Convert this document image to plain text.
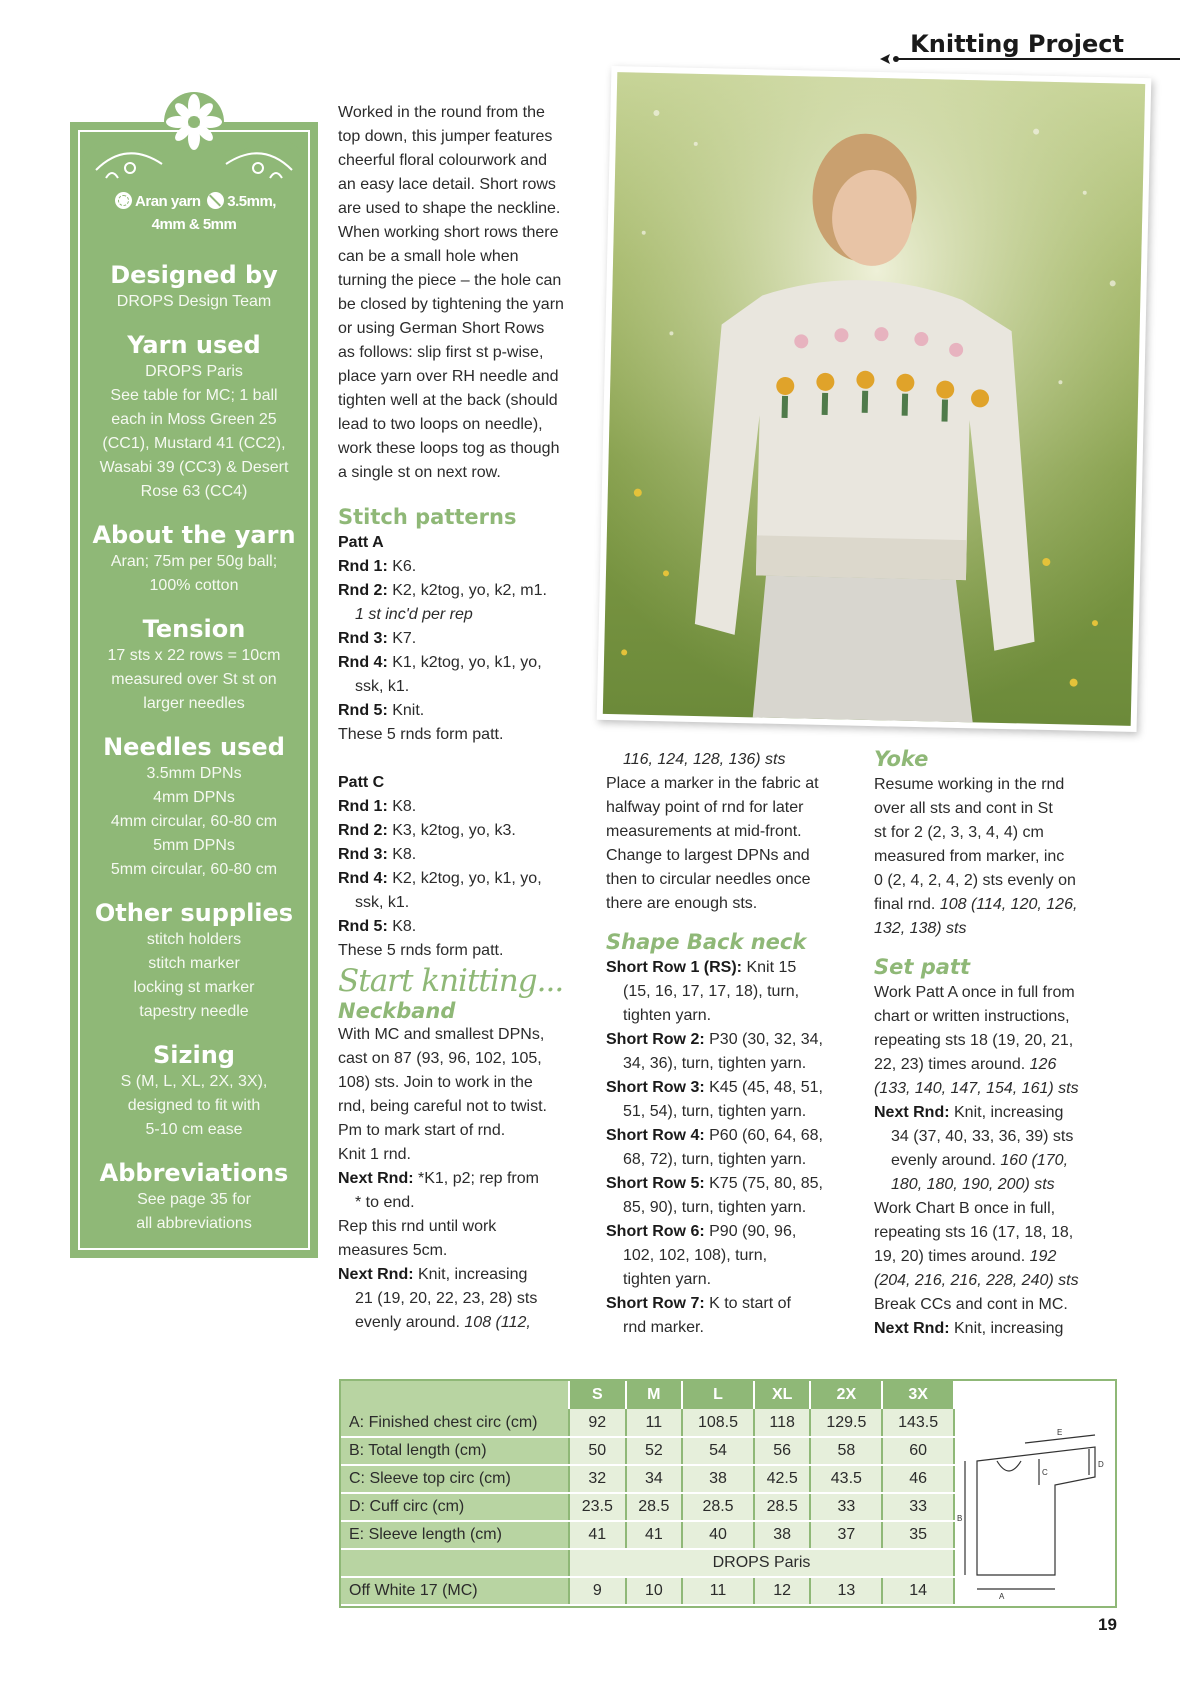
Knitting Project
Aran yarn 3.5mm,
4mm & 5mm
Designed by
DROPS Design Team
Yarn used
DROPS Paris
See table for MC; 1 ball
each in Moss Green 25
(CC1), Mustard 41 (CC2),
Wasabi 39 (CC3) & Desert
Rose 63 (CC4)
About the yarn
Aran; 75m per 50g ball;
100% cotton
Tension
17 sts x 22 rows = 10cm
measured over St st on
larger needles
Needles used
3.5mm DPNs
4mm DPNs
4mm circular, 60-80 cm
5mm DPNs
5mm circular, 60-80 cm
Other supplies
stitch holders
stitch marker
locking st marker
tapestry needle
Sizing
S (M, L, XL, 2X, 3X),
designed to fit with
5-10 cm ease
Abbreviations
See page 35 for
all abbreviations

Worked in the round from the

top down, this jumper features

cheerful floral colourwork and

an easy lace detail. Short rows

are used to shape the neckline.

When working short rows there

can be a small hole when

turning the piece – the hole can

be closed by tightening the yarn

or using German Short Rows

as follows: slip first st p-wise,

place yarn over RH needle and

tighten well at the back (should

lead to two loops on needle),

work these loops tog as though

a single st on next row.

Stitch patterns

Patt A

Rnd 1: K6.

Rnd 2: K2, k2tog, yo, k2, m1.

1 st inc'd per rep

Rnd 3: K7.

Rnd 4: K1, k2tog, yo, k1, yo,

ssk, k1.

Rnd 5: Knit.

These 5 rnds form patt.

Patt C

Rnd 1: K8.

Rnd 2: K3, k2tog, yo, k3.

Rnd 3: K8.

Rnd 4: K2, k2tog, yo, k1, yo,

ssk, k1.

Rnd 5: K8.

These 5 rnds form patt.

Start knitting...

Neckband

With MC and smallest DPNs,

cast on 87 (93, 96, 102, 105,

108) sts. Join to work in the

rnd, being careful not to twist.

Pm to mark start of rnd.

Knit 1 rnd.

Next Rnd: *K1, p2; rep from

* to end.

Rep this rnd until work

measures 5cm.

Next Rnd: Knit, increasing

21 (19, 20, 22, 23, 28) sts

evenly around. 108 (112,

116, 124, 128, 136) sts

Place a marker in the fabric at

halfway point of rnd for later

measurements at mid-front.

Change to largest DPNs and

then to circular needles once

there are enough sts.

Shape Back neck

Short Row 1 (RS): Knit 15

(15, 16, 17, 17, 18), turn,

tighten yarn.

Short Row 2: P30 (30, 32, 34,

34, 36), turn, tighten yarn.

Short Row 3: K45 (45, 48, 51,

51, 54), turn, tighten yarn.

Short Row 4: P60 (60, 64, 68,

68, 72), turn, tighten yarn.

Short Row 5: K75 (75, 80, 85,

85, 90), turn, tighten yarn.

Short Row 6: P90 (90, 96,

102, 102, 108), turn,

tighten yarn.

Short Row 7: K to start of

rnd marker.

Yoke

Resume working in the rnd

over all sts and cont in St

st for 2 (2, 3, 3, 4, 4) cm

measured from marker, inc

0 (2, 4, 2, 4, 2) sts evenly on

final rnd. 108 (114, 120, 126,

132, 138) sts

Set patt

Work Patt A once in full from

chart or written instructions,

repeating sts 18 (19, 20, 21,

22, 23) times around. 126

(133, 140, 147, 154, 161) sts

Next Rnd: Knit, increasing

34 (37, 40, 33, 36, 39) sts

evenly around. 160 (170,

180, 180, 190, 200) sts

Work Chart B once in full,

repeating sts 16 (17, 18, 18,

19, 20) times around. 192

(204, 216, 216, 228, 240) sts

Break CCs and cont in MC.

Next Rnd: Knit, increasing

	S	M	L	XL	2X	3X
A: Finished chest circ (cm)	92	11	108.5	118	129.5	143.5
B: Total length (cm)	50	52	54	56	58	60
C: Sleeve top circ (cm)	32	34	38	42.5	43.5	46
D: Cuff circ (cm)	23.5	28.5	28.5	28.5	33	33
E: Sleeve length (cm)	41	41	40	38	37	35
	DROPS Paris					
Off White 17 (MC)	9	10	11	12	13	14	A
B
C
D
E
19
